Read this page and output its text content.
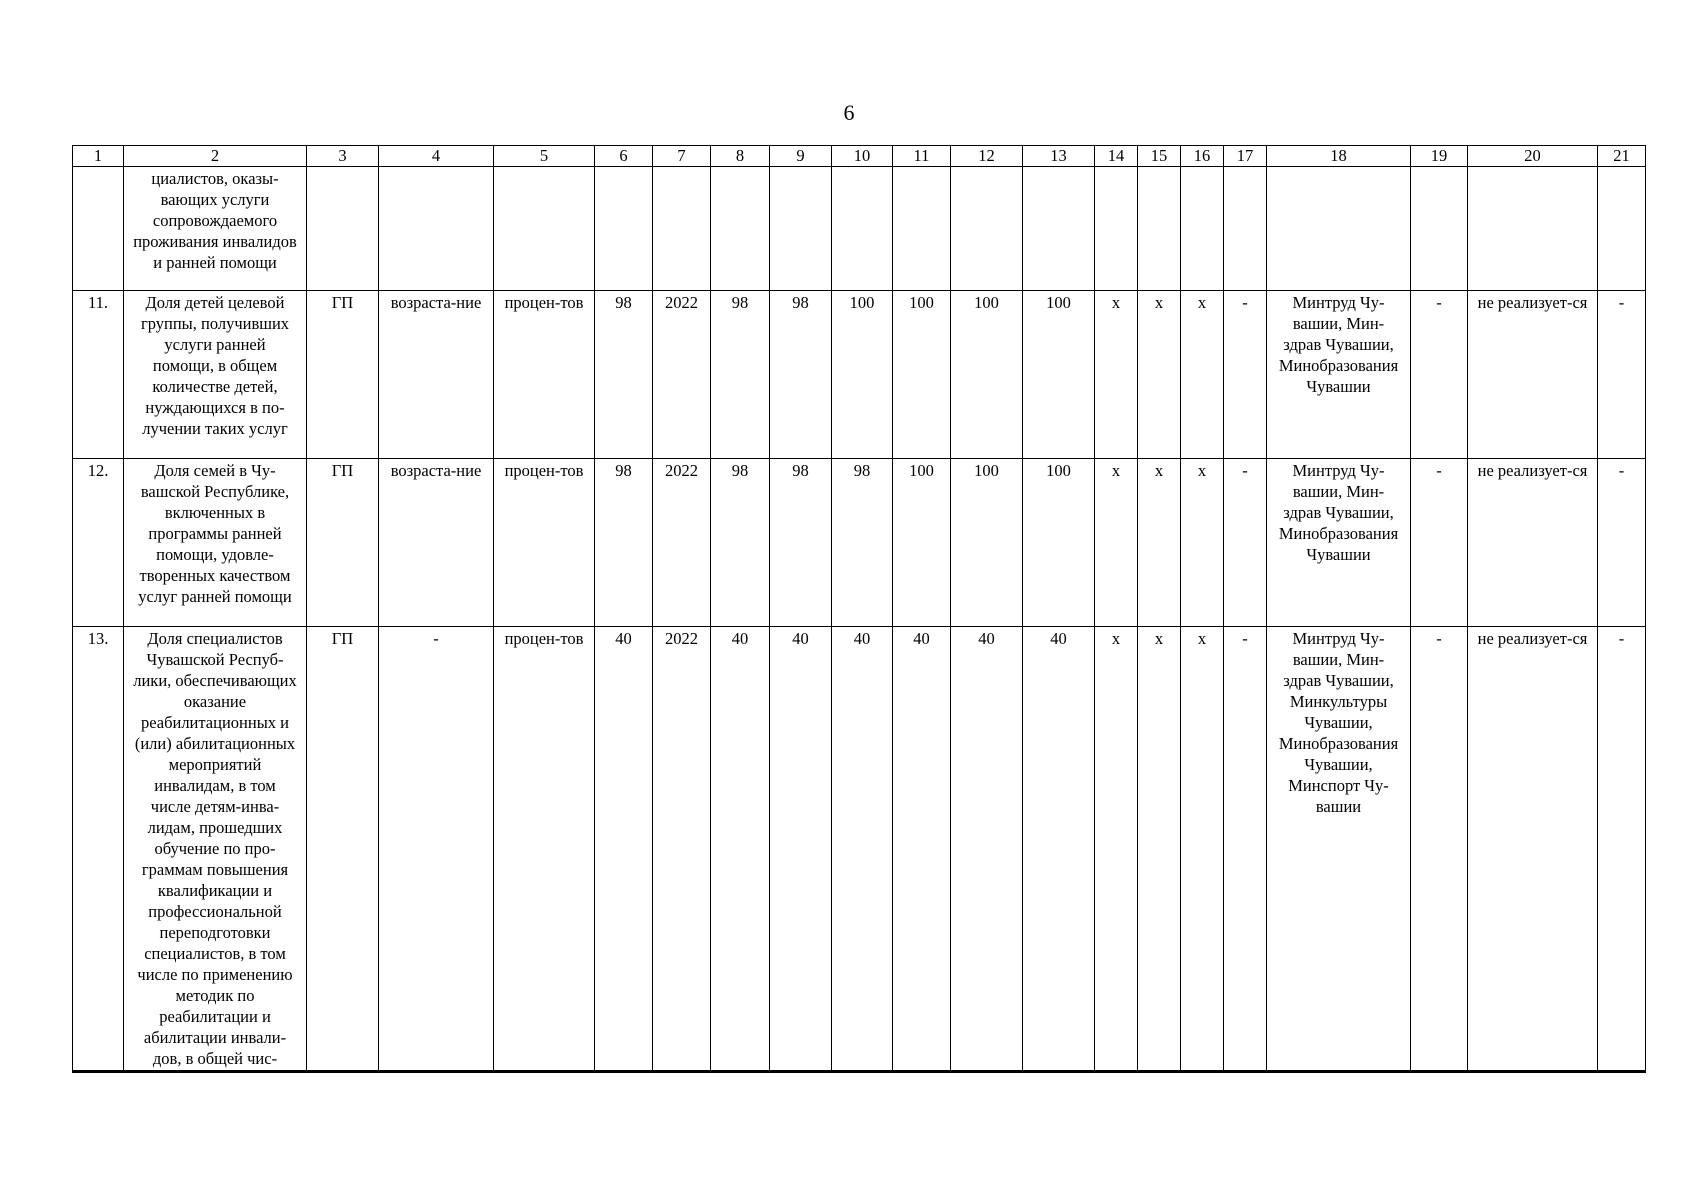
6
1	2	3	4	5	6	7	8	9	10	11	12	13	14	15	16	17	18	19	20	21
	циалистов, оказывающих услуги сопровождаемого проживания инвалидов и ранней помощи																			
11.	Доля детей целевой группы, получивших услуги ранней помощи, в общем количестве детей, нуждающихся в получении таких услуг	ГП	возраста-ние	процен-тов	98	2022	98	98	100	100	100	100	х	х	х	-	Минтруд Чувашии, Минздрав Чувашии, Минобразования Чувашии	-	не реализует-ся	-
12.	Доля семей в Чувашской Республике, включенных в программы ранней помощи, удовлетворенных качеством услуг ранней помощи	ГП	возраста-ние	процен-тов	98	2022	98	98	98	100	100	100	х	х	х	-	Минтруд Чувашии, Минздрав Чувашии, Минобразования Чувашии	-	не реализует-ся	-
13.	Доля специалистов Чувашской Республики, обеспечивающих оказание реабилитационных и (или) абилитационных мероприятий инвалидам, в том числе детям-инвалидам, прошедших обучение по программам повышения квалификации и профессиональной переподготовки специалистов, в том числе по применению методик по реабилитации и абилитации инвалидов, в общей чис-	ГП	-	процен-тов	40	2022	40	40	40	40	40	40	х	х	х	-	Минтруд Чувашии, Минздрав Чувашии, Минкультуры Чувашии, Минобразования Чувашии, Минспорт Чувашии	-	не реализует-ся	-
